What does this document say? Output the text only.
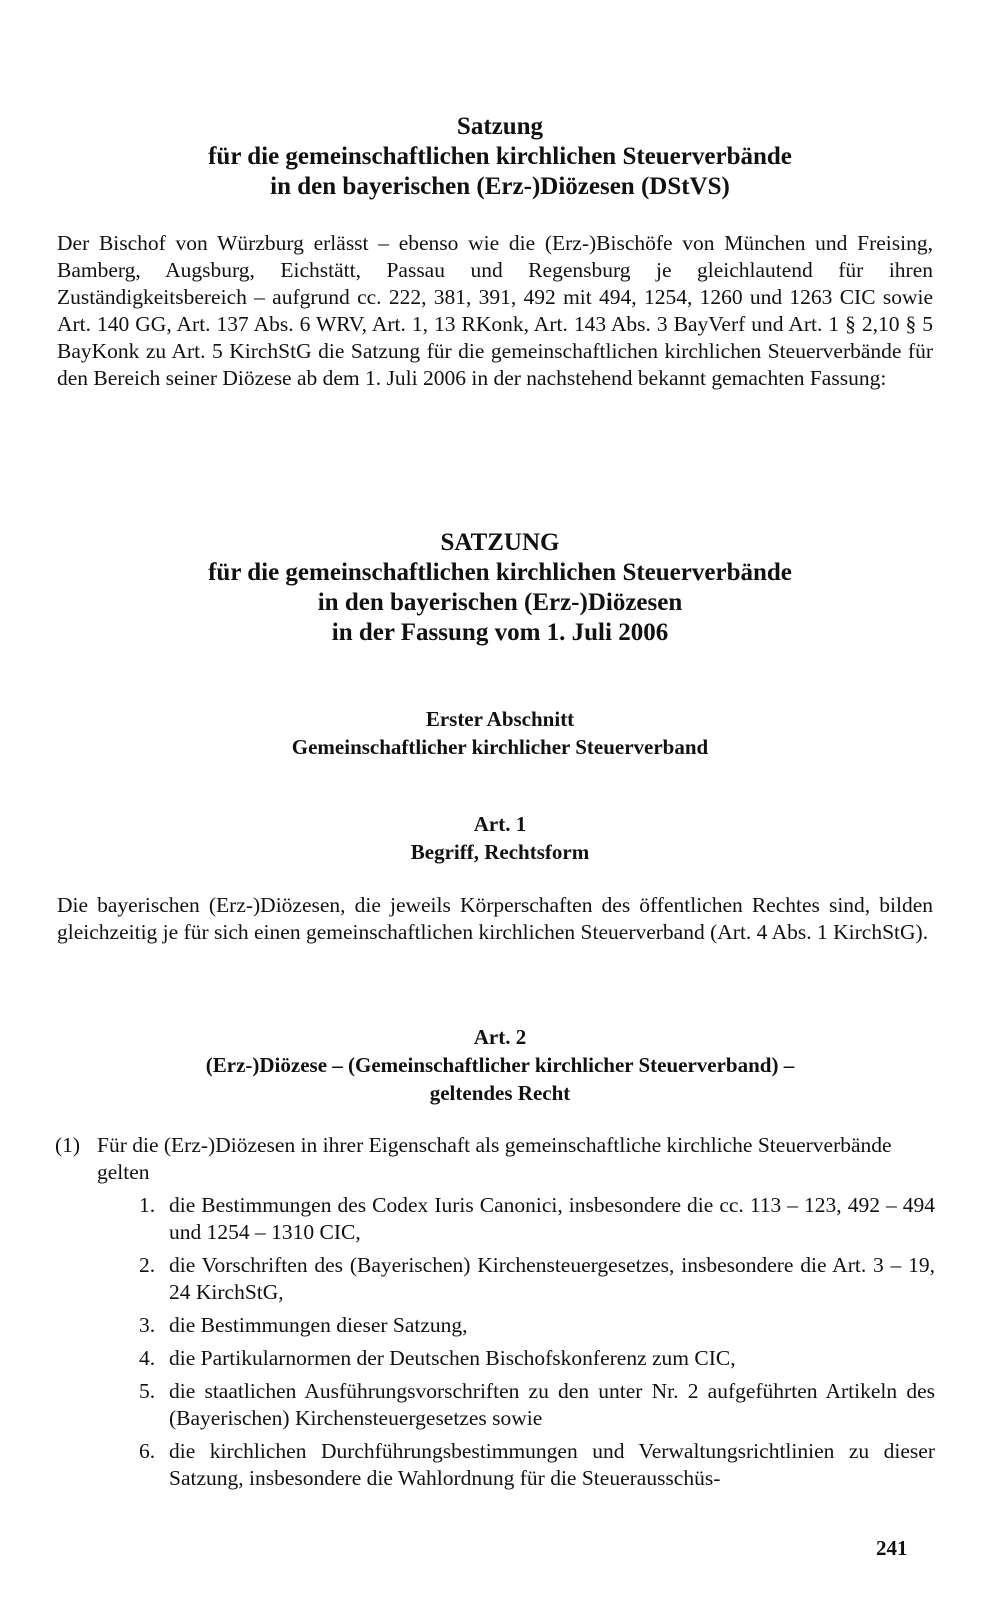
Satzung
für die gemeinschaftlichen kirchlichen Steuerverbände
in den bayerischen (Erz-)Diözesen (DStVS)
Der Bischof von Würzburg erlässt – ebenso wie die (Erz-)Bischöfe von München und Freising, Bamberg, Augsburg, Eichstätt, Passau und Regensburg je gleichlautend für ihren Zuständigkeitsbereich – aufgrund cc. 222, 381, 391, 492 mit 494, 1254, 1260 und 1263 CIC sowie Art. 140 GG, Art. 137 Abs. 6 WRV, Art. 1, 13 RKonk, Art. 143 Abs. 3 BayVerf und Art. 1 § 2,10 § 5 BayKonk zu Art. 5 KirchStG die Satzung für die gemeinschaftlichen kirchlichen Steuerverbände für den Bereich seiner Diözese ab dem 1. Juli 2006 in der nachstehend bekannt gemachten Fassung:
SATZUNG
für die gemeinschaftlichen kirchlichen Steuerverbände
in den bayerischen (Erz-)Diözesen
in der Fassung vom 1. Juli 2006
Erster Abschnitt
Gemeinschaftlicher kirchlicher Steuerverband
Art. 1
Begriff, Rechtsform
Die bayerischen (Erz-)Diözesen, die jeweils Körperschaften des öffentlichen Rechtes sind, bilden gleichzeitig je für sich einen gemeinschaftlichen kirchlichen Steuerverband (Art. 4 Abs. 1 KirchStG).
Art. 2
(Erz-)Diözese – (Gemeinschaftlicher kirchlicher Steuerverband) –
geltendes Recht
(1) Für die (Erz-)Diözesen in ihrer Eigenschaft als gemeinschaftliche kirchliche Steuerverbände gelten
1. die Bestimmungen des Codex Iuris Canonici, insbesondere die cc. 113 – 123, 492 – 494 und 1254 – 1310 CIC,
2. die Vorschriften des (Bayerischen) Kirchensteuergesetzes, insbesondere die Art. 3 – 19, 24 KirchStG,
3. die Bestimmungen dieser Satzung,
4. die Partikularnormen der Deutschen Bischofskonferenz zum CIC,
5. die staatlichen Ausführungsvorschriften zu den unter Nr. 2 aufgeführten Artikeln des (Bayerischen) Kirchensteuergesetzes sowie
6. die kirchlichen Durchführungsbestimmungen und Verwaltungsrichtlinien zu dieser Satzung, insbesondere die Wahlordnung für die Steuerausschüs-
241
